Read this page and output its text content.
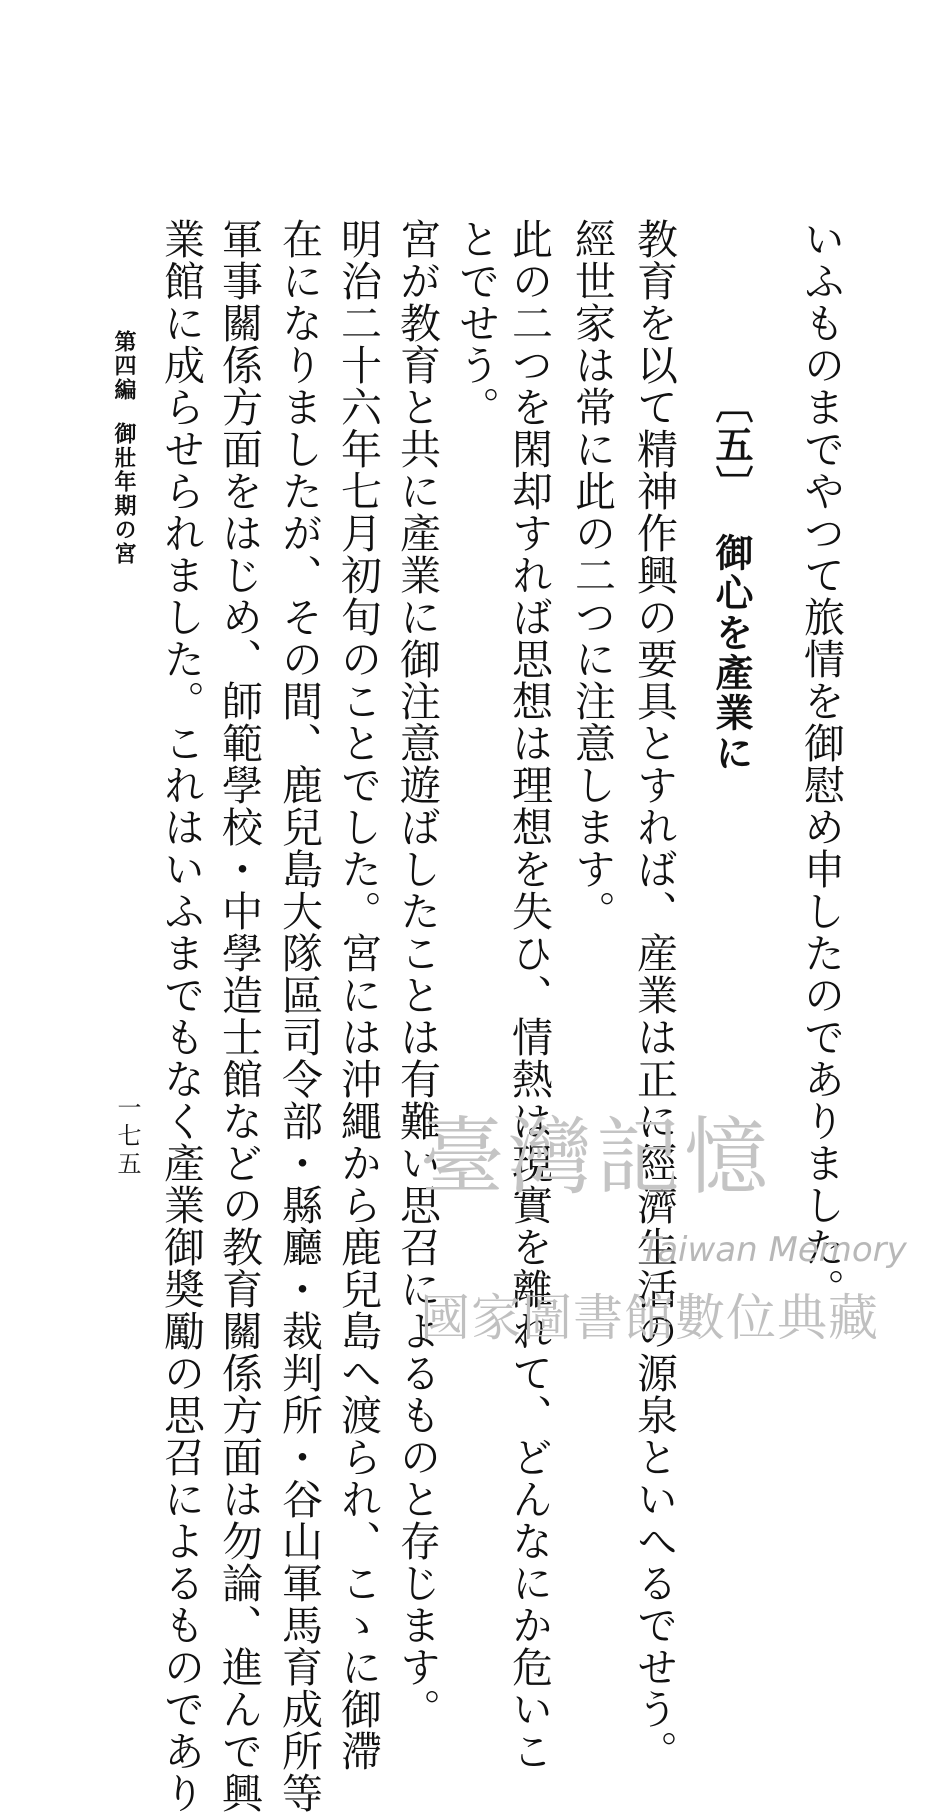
いふものまでやつて旅情を御慰め申したのでありました。
〔五〕御心を產業に
教育を以て精神作興の要具とすれば、産業は正に經濟生活の源泉といへるでせう。
經世家は常に此の二つに注意します。
此の二つを閑却すれば思想は理想を失ひ、情熱は現實を離れて、どんなにか危いこ
とでせう。
宮が教育と共に產業に御注意遊ばしたことは有難い思召によるものと存じます。
明治二十六年七月初旬のことでした。宮には沖繩から鹿兒島へ渡られ、こゝに御滯
在になりましたが、その間、鹿兒島大隊區司令部・縣廳・裁判所・谷山軍馬育成所等
軍事關係方面をはじめ、師範學校・中學造士館などの教育關係方面は勿論、進んで興
業館に成らせられました。これはいふまでもなく產業御奬勵の思召によるものであり
第四編御壯年期の宮
一七五	臺灣記憶
Taiwan Memory
國家圖書館數位典藏
